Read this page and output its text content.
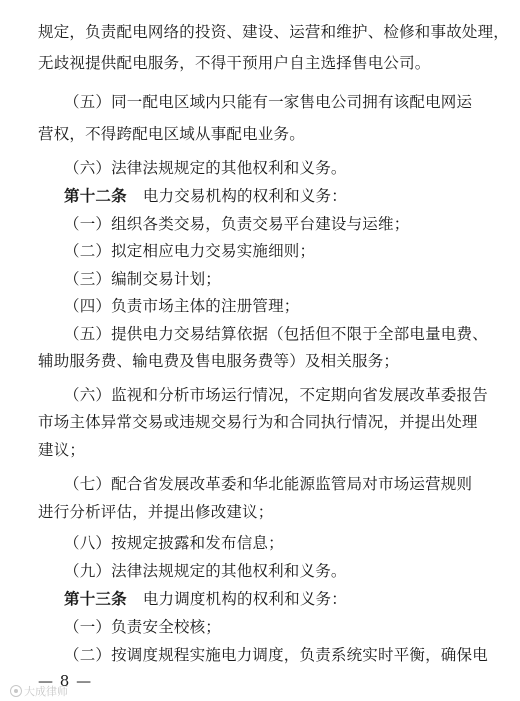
规定，负责配电网络的投资、建设、运营和维护、检修和事故处理，
无歧视提供配电服务，不得干预用户自主选择售电公司。
（五）同一配电区域内只能有一家售电公司拥有该配电网运
营权，不得跨配电区域从事配电业务。
（六）法律法规规定的其他权利和义务。
第十二条 电力交易机构的权利和义务：
（一）组织各类交易，负责交易平台建设与运维；
（二）拟定相应电力交易实施细则；
（三）编制交易计划；
（四）负责市场主体的注册管理；
（五）提供电力交易结算依据（包括但不限于全部电量电费、
辅助服务费、输电费及售电服务费等）及相关服务；
（六）监视和分析市场运行情况，不定期向省发展改革委报告
市场主体异常交易或违规交易行为和合同执行情况，并提出处理
建议；
（七）配合省发展改革委和华北能源监管局对市场运营规则
进行分析评估，并提出修改建议；
（八）按规定披露和发布信息；
（九）法律法规规定的其他权利和义务。
第十三条 电力调度机构的权利和义务：
（一）负责安全校核；
（二）按调度规程实施电力调度，负责系统实时平衡，确保电
— 8 —
大成律师
